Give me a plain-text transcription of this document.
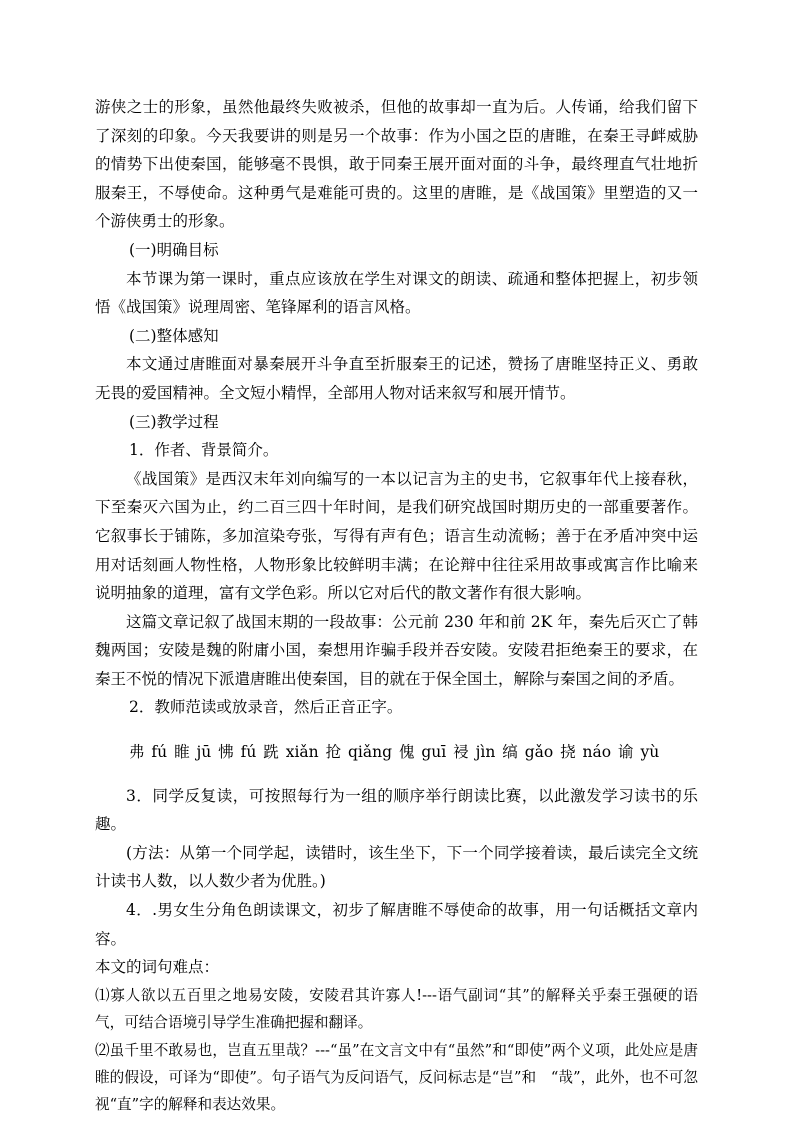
游侠之士的形象，虽然他最终失败被杀，但他的故事却一直为后。人传诵，给我们留下了深刻的印象。今天我要讲的则是另一个故事：作为小国之臣的唐睢，在秦王寻衅威胁的情势下出使秦国，能够毫不畏惧，敢于同秦王展开面对面的斗争，最终理直气壮地折服秦王，不辱使命。这种勇气是难能可贵的。这里的唐睢，是《战国策》里塑造的又一个游侠勇士的形象。

(一)明确目标

本节课为第一课时，重点应该放在学生对课文的朗读、疏通和整体把握上，初步领悟《战国策》说理周密、笔锋犀利的语言风格。

(二)整体感知

本文通过唐睢面对暴秦展开斗争直至折服秦王的记述，赞扬了唐睢坚持正义、勇敢无畏的爱国精神。全文短小精悍，全部用人物对话来叙写和展开情节。

(三)教学过程

1．作者、背景简介。

《战国策》是西汉末年刘向编写的一本以记言为主的史书，它叙事年代上接春秋，下至秦灭六国为止，约二百三四十年时间，是我们研究战国时期历史的一部重要著作。它叙事长于铺陈，多加渲染夸张，写得有声有色；语言生动流畅；善于在矛盾冲突中运用对话刻画人物性格，人物形象比较鲜明丰满；在论辩中往往采用故事或寓言作比喻来说明抽象的道理，富有文学色彩。所以它对后代的散文著作有很大影响。

这篇文章记叙了战国末期的一段故事：公元前 230 年和前 2K 年，秦先后灭亡了韩魏两国；安陵是魏的附庸小国，秦想用诈骗手段并吞安陵。安陵君拒绝秦王的要求，在秦王不悦的情况下派遣唐睢出使秦国，目的就在于保全国土，解除与秦国之间的矛盾。

2．教师范读或放录音，然后正音正字。

弗 fú 睢 jū 怫 fú 跣 xiǎn 抢 qiǎng 傀 guī 祲 jìn 缟 gǎo 挠 náo 谕 yù

3．同学反复读，可按照每行为一组的顺序举行朗读比赛，以此激发学习读书的乐趣。

(方法：从第一个同学起，读错时，该生坐下，下一个同学接着读，最后读完全文统计读书人数，以人数少者为优胜。)

4．.男女生分角色朗读课文，初步了解唐睢不辱使命的故事，用一句话概括文章内容。

本文的词句难点：

⑴寡人欲以五百里之地易安陵，安陵君其许寡人!---语气副词“其”的解释关乎秦王强硬的语气，可结合语境引导学生准确把握和翻译。

⑵虽千里不敢易也，岂直五里哉？---“虽”在文言文中有“虽然”和“即使”两个义项，此处应是唐睢的假设，可译为“即使”。句子语气为反问语气，反问标志是“岂”和　“哉”，此外，也不可忽视“直”字的解释和表达效果。
